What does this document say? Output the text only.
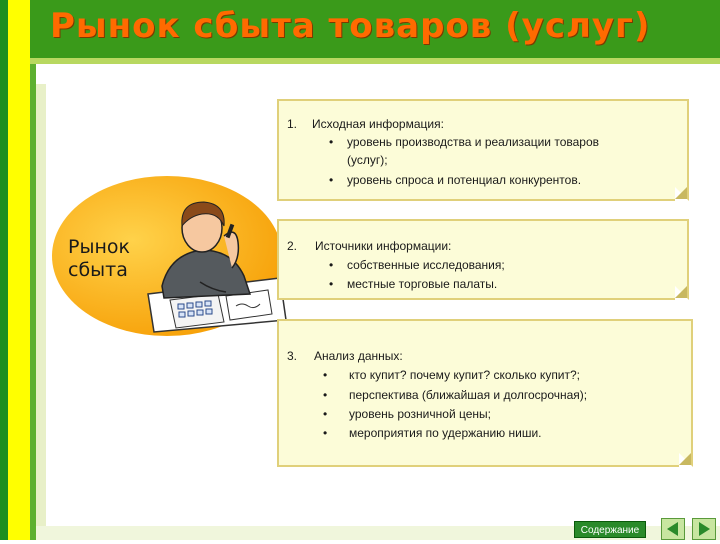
Рынок сбыта товаров (услуг)
Рынок
сбыта
1. Исходная информация:
• уровень производства и реализации товаров
(услуг);
• уровень спроса и потенциал конкурентов.
2. Источники информации:
• собственные исследования;
• местные торговые палаты.
3. Анализ данных:
• кто купит? почему купит? сколько купит?;
• перспектива (ближайшая и долгосрочная);
• уровень розничной цены;
• мероприятия по удержанию ниши.
Содержание
